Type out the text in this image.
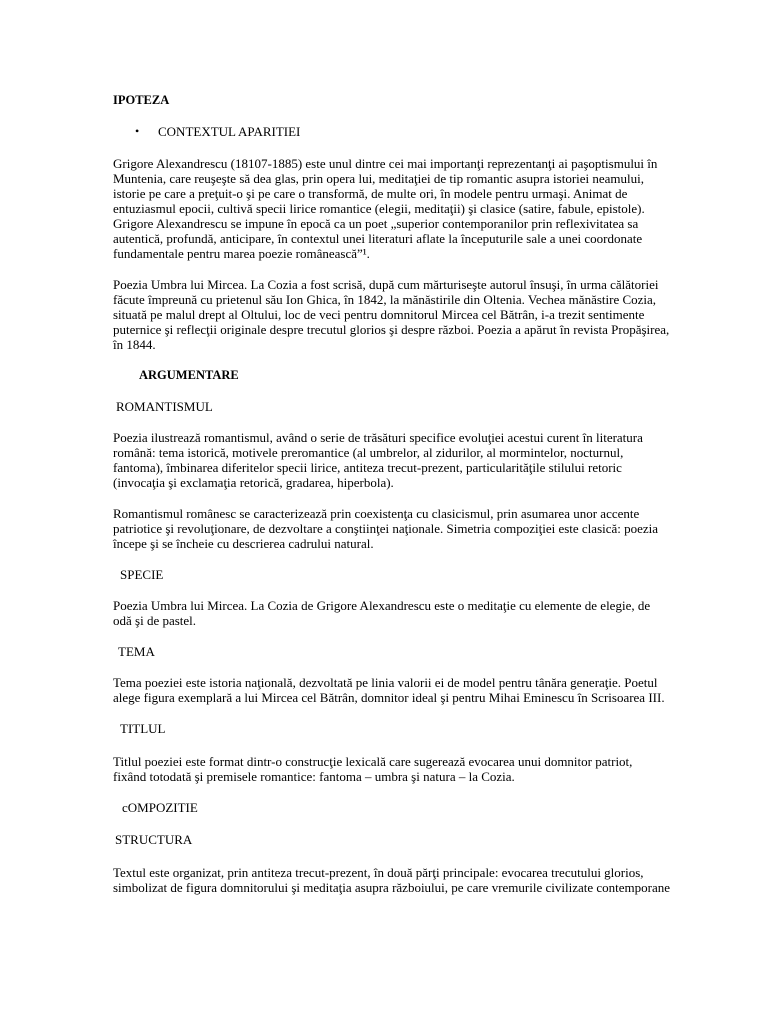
IPOTEZA
• CONTEXTUL APARITIEI
Grigore Alexandrescu (18107-1885) este unul dintre cei mai importanţi reprezentanţi ai paşoptismului în
Muntenia, care reuşeşte să dea glas, prin opera lui, meditaţiei de tip romantic asupra istoriei neamului,
istorie pe care a preţuit-o şi pe care o transformă, de multe ori, în modele pentru urmaşi. Animat de
entuziasmul epocii, cultivă specii lirice romantice (elegii, meditaţii) şi clasice (satire, fabule, epistole).
Grigore Alexandrescu se impune în epocă ca un poet „superior contemporanilor prin reflexivitatea sa
autentică, profundă, anticipare, în contextul unei literaturi aflate la începuturile sale a unei coordonate
fundamentale pentru marea poezie românească”¹.
Poezia Umbra lui Mircea. La Cozia a fost scrisă, după cum mărturiseşte autorul însuşi, în urma călătoriei
făcute împreună cu prietenul său Ion Ghica, în 1842, la mănăstirile din Oltenia. Vechea mănăstire Cozia,
situată pe malul drept al Oltului, loc de veci pentru domnitorul Mircea cel Bătrân, i-a trezit sentimente
puternice şi reflecţii originale despre trecutul glorios şi despre război. Poezia a apărut în revista Propăşirea,
în 1844.
ARGUMENTARE
ROMANTISMUL
Poezia ilustrează romantismul, având o serie de trăsături specifice evoluţiei acestui curent în literatura
română: tema istorică, motivele preromantice (al umbrelor, al zidurilor, al mormintelor, nocturnul,
fantoma), îmbinarea diferitelor specii lirice, antiteza trecut-prezent, particularităţile stilului retoric
(invocaţia şi exclamaţia retorică, gradarea, hiperbola).
Romantismul românesc se caracterizează prin coexistenţa cu clasicismul, prin asumarea unor accente
patriotice şi revoluţionare, de dezvoltare a conştiinţei naţionale. Simetria compoziţiei este clasică: poezia
începe şi se încheie cu descrierea cadrului natural.
SPECIE
Poezia Umbra lui Mircea. La Cozia de Grigore Alexandrescu este o meditaţie cu elemente de elegie, de
odă şi de pastel.
TEMA
Tema poeziei este istoria naţională, dezvoltată pe linia valorii ei de model pentru tânăra generaţie. Poetul
alege figura exemplară a lui Mircea cel Bătrân, domnitor ideal şi pentru Mihai Eminescu în Scrisoarea III.
TITLUL
Titlul poeziei este format dintr-o construcţie lexicală care sugerează evocarea unui domnitor patriot,
fixând totodată şi premisele romantice: fantoma – umbra şi natura – la Cozia.
cOMPOZITIE
STRUCTURA
Textul este organizat, prin antiteza trecut-prezent, în două părţi principale: evocarea trecutului glorios,
simbolizat de figura domnitorului şi meditaţia asupra războiului, pe care vremurile civilizate contemporane
